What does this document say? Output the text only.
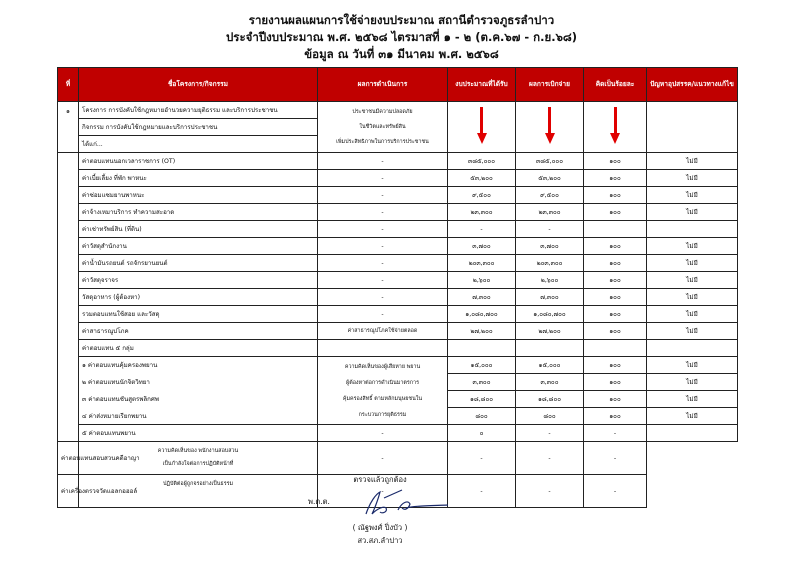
รายงานผลแผนการใช้จ่ายงบประมาณ สถานีตำรวจภูธรลำปาว
ประจำปีงบประมาณ พ.ศ. ๒๕๖๘ ไตรมาสที่ ๑ - ๒ (ต.ค.๖๗ - ก.ย.๖๘)
ข้อมูล ณ วันที่ ๓๑ มีนาคม พ.ศ. ๒๕๖๘
ที่	ชื่อโครงการ/กิจกรรม	ผลการดำเนินการ	งบประมาณที่ได้รับ	ผลการเบิกจ่าย	คิดเป็นร้อยละ	ปัญหาอุปสรรค/แนวทางแก้ไข
๑	โครงการ การบังคับใช้กฎหมายอำนวยความยุติธรรม และบริการประชาชน	ประชาชนมีความปลอดภัย
ในชีวิตและทรัพย์สิน
เพิ่มประสิทธิภาพในการบริการประชาชน				

	กิจกรรม การบังคับใช้กฎหมายและบริการประชาชน					
	ได้แก่...					
	ค่าตอบแทนนอกเวลาราชการ (OT)	-	๓๘๕,๐๐๐	๓๘๕,๐๐๐	๑๐๐	ไม่มี
	ค่าเบี้ยเลี้ยง ที่พัก พาหนะ	-	๕๓,๒๐๐	๕๓,๒๐๐	๑๐๐	ไม่มี
	ค่าซ่อมแซมยานพาหนะ	-	๙,๕๐๐	๙,๕๐๐	๑๐๐	ไม่มี
	ค่าจ้างเหมาบริการ ทำความสะอาด	-	๒๓,๓๐๐	๒๓,๓๐๐	๑๐๐	ไม่มี
	ค่าเช่าทรัพย์สิน (ที่ดิน)	-	-	-		
	ค่าวัสดุสำนักงาน	-	๓,๗๐๐	๓,๗๐๐	๑๐๐	ไม่มี
	ค่าน้ำมันรถยนต์ รถจักรยานยนต์	-	๒๐๓,๓๐๐	๒๐๓,๓๐๐	๑๐๐	ไม่มี
	ค่าวัสดุจราจร	-	๒,๖๐๐	๒,๖๐๐	๑๐๐	ไม่มี
	วัสดุอาหาร (ผู้ต้องหา)	-	๗,๓๐๐	๗,๓๐๐	๑๐๐	ไม่มี
	รวมตอบแทนใช้สอย และวัสดุ	-	๑,๐๘๐,๗๐๐	๑,๐๘๐,๗๐๐	๑๐๐	ไม่มี
	ค่าสาธารณูปโภค	ค่าสาธารณูปโภคใช้จ่ายตลอด	๒๗,๒๐๐	๒๗,๒๐๐	๑๐๐	ไม่มี
	ค่าตอบแทน ๕ กลุ่ม					
	๑ ค่าตอบแทนคุ้มครองพยาน	ความคิดเห็นของผู้เสียหาย พยาน
ผู้ต้องหาต่อการดำเนินมาตรการ
คุ้มครองสิทธิ์ ตามหลักมนุษยชนใน
กระบวนการยุติธรรม	๑๕,๐๐๐	๑๕,๐๐๐	๑๐๐	ไม่มี
	๒ ค่าตอบแทนนักจิตวิทยา		๓,๓๐๐	๓,๓๐๐	๑๐๐	ไม่มี
	๓ ค่าตอบแทนชันสูตรพลิกศพ		๑๘,๘๐๐	๑๘,๘๐๐	๑๐๐	ไม่มี
	๔ ค่าส่งหมายเรียกพยาน		๘๐๐	๘๐๐	๑๐๐	ไม่มี
	๕ ค่าตอบแทนพยาน	-	๐	-	-	
ค่าตอบแทนสอบสวนคดีอาญา	ความคิดเห็นของ พนักงานสอบสวน
เป็นกำลังใจต่อการปฏิบัติหน้าที่	-	-	-	-	
ค่าเครื่องตรวจวัดแอลกอฮอล์	ปฏิบัติต่อผู้ถูกจรอย่างเป็นธรรม	-	-	-	-	
ตรวจแล้วถูกต้อง
พ.ต.ต.
( ณัฐพงศ์ ปิ่งบัว )
สว.สภ.ลำปาว
